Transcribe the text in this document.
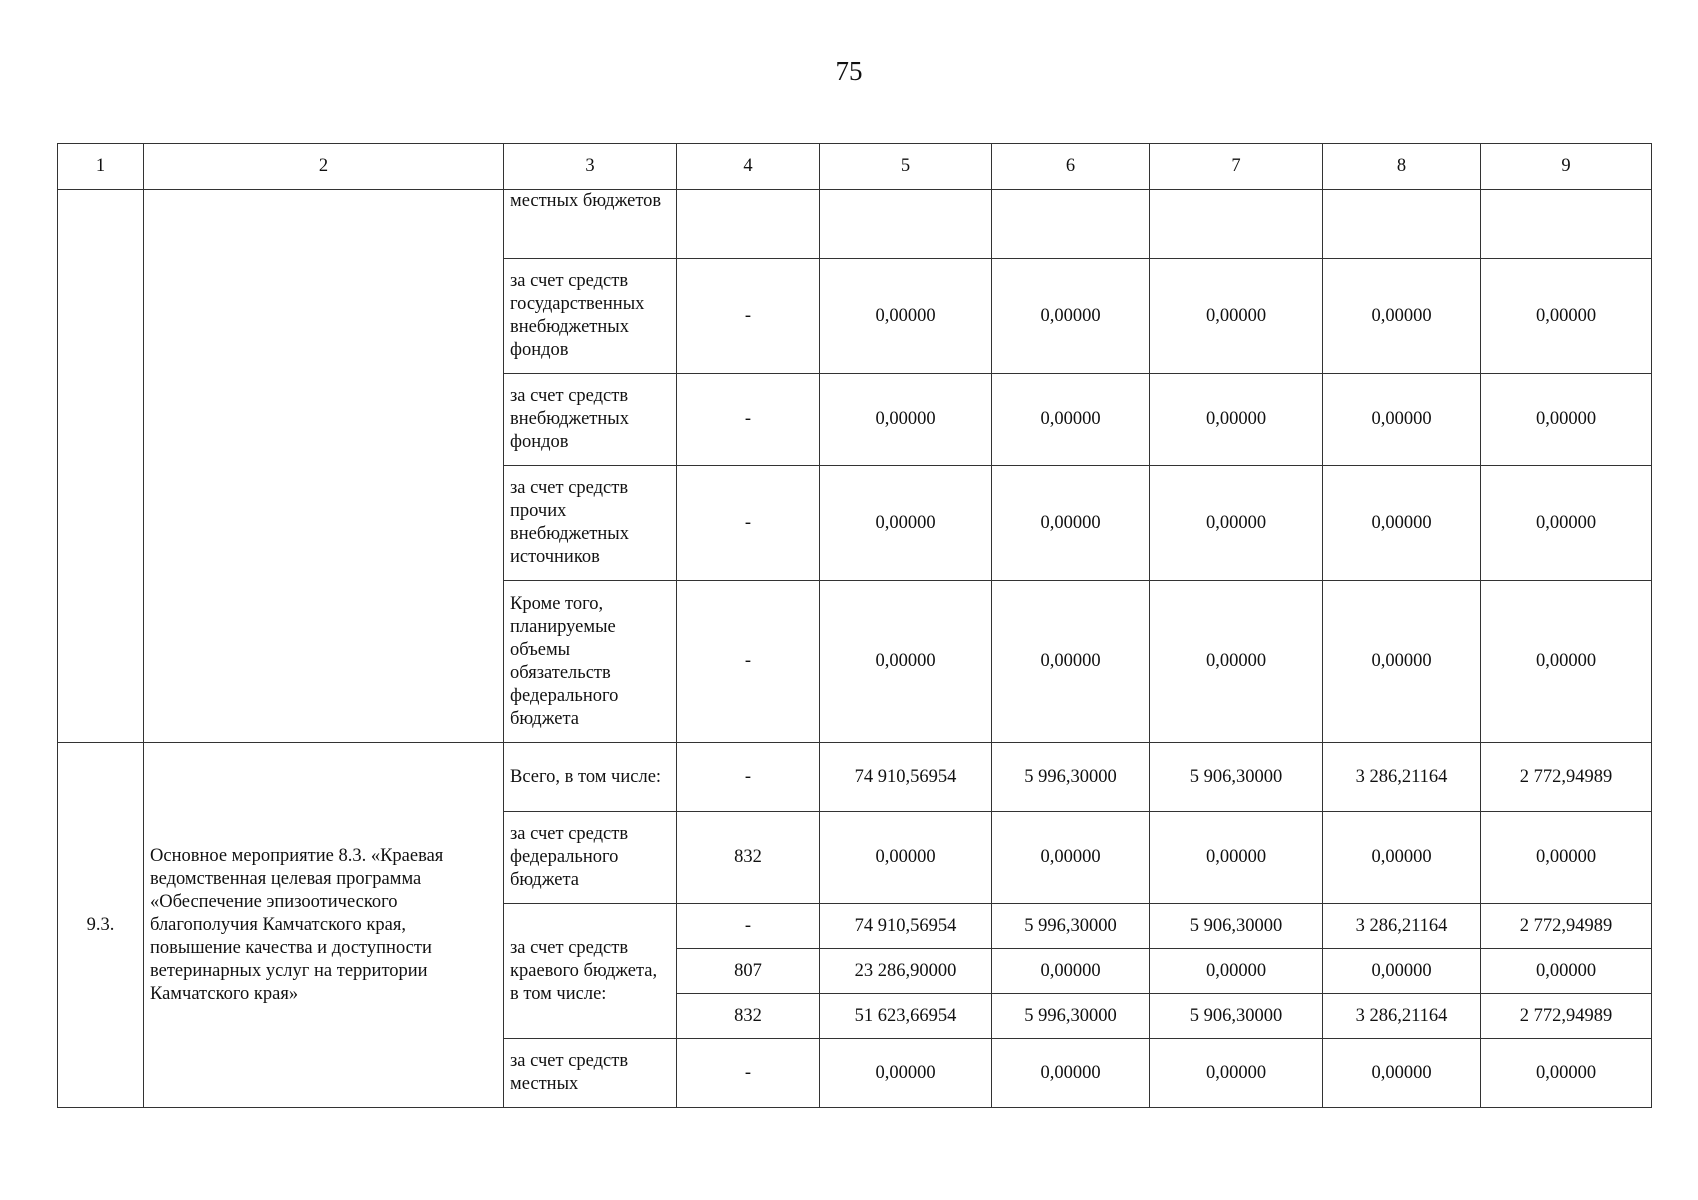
75
1	2	3	4	5	6	7	8	9
		местных бюджетов						
		за счет средств государственных внебюджетных фондов	-	0,00000	0,00000	0,00000	0,00000	0,00000
		за счет средств внебюджетных фондов	-	0,00000	0,00000	0,00000	0,00000	0,00000
		за счет средств прочих внебюджетных источников	-	0,00000	0,00000	0,00000	0,00000	0,00000
		Кроме того, планируемые объемы обязательств федерального бюджета	-	0,00000	0,00000	0,00000	0,00000	0,00000
9.3.	Основное мероприятие 8.3. «Краевая ведомственная целевая программа «Обеспечение эпизоотического благополучия Камчатского края, повышение качества и доступности ветеринарных услуг на территории Камчатского края»	Всего, в том числе:	-	74 910,56954	5 996,30000	5 906,30000	3 286,21164	2 772,94989
		за счет средств федерального бюджета	832	0,00000	0,00000	0,00000	0,00000	0,00000
		за счет средств краевого бюджета, в том числе:	-	74 910,56954	5 996,30000	5 906,30000	3 286,21164	2 772,94989
			807	23 286,90000	0,00000	0,00000	0,00000	0,00000
			832	51 623,66954	5 996,30000	5 906,30000	3 286,21164	2 772,94989
		за счет средств местных	-	0,00000	0,00000	0,00000	0,00000	0,00000
